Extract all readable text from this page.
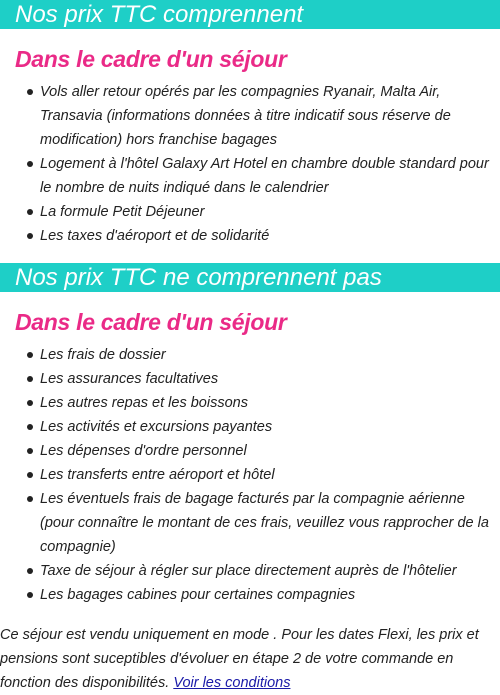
Nos prix TTC comprennent
Dans le cadre d'un séjour
Vols aller retour opérés par les compagnies Ryanair, Malta Air, Transavia (informations données à titre indicatif sous réserve de modification) hors franchise bagages
Logement à l'hôtel Galaxy Art Hotel en chambre double standard pour le nombre de nuits indiqué dans le calendrier
La formule Petit Déjeuner
Les taxes d'aéroport et de solidarité
Nos prix TTC ne comprennent pas
Dans le cadre d'un séjour
Les frais de dossier
Les assurances facultatives
Les autres repas et les boissons
Les activités et excursions payantes
Les dépenses d'ordre personnel
Les transferts entre aéroport et hôtel
Les éventuels frais de bagage facturés par la compagnie aérienne (pour connaître le montant de ces frais, veuillez vous rapprocher de la compagnie)
Taxe de séjour à régler sur place directement auprès de l'hôtelier
Les bagages cabines pour certaines compagnies

Ce séjour est vendu uniquement en mode . Pour les dates Flexi, les prix et pensions sont suceptibles d'évoluer en étape 2 de votre commande en fonction des disponibilités. Voir les conditions
